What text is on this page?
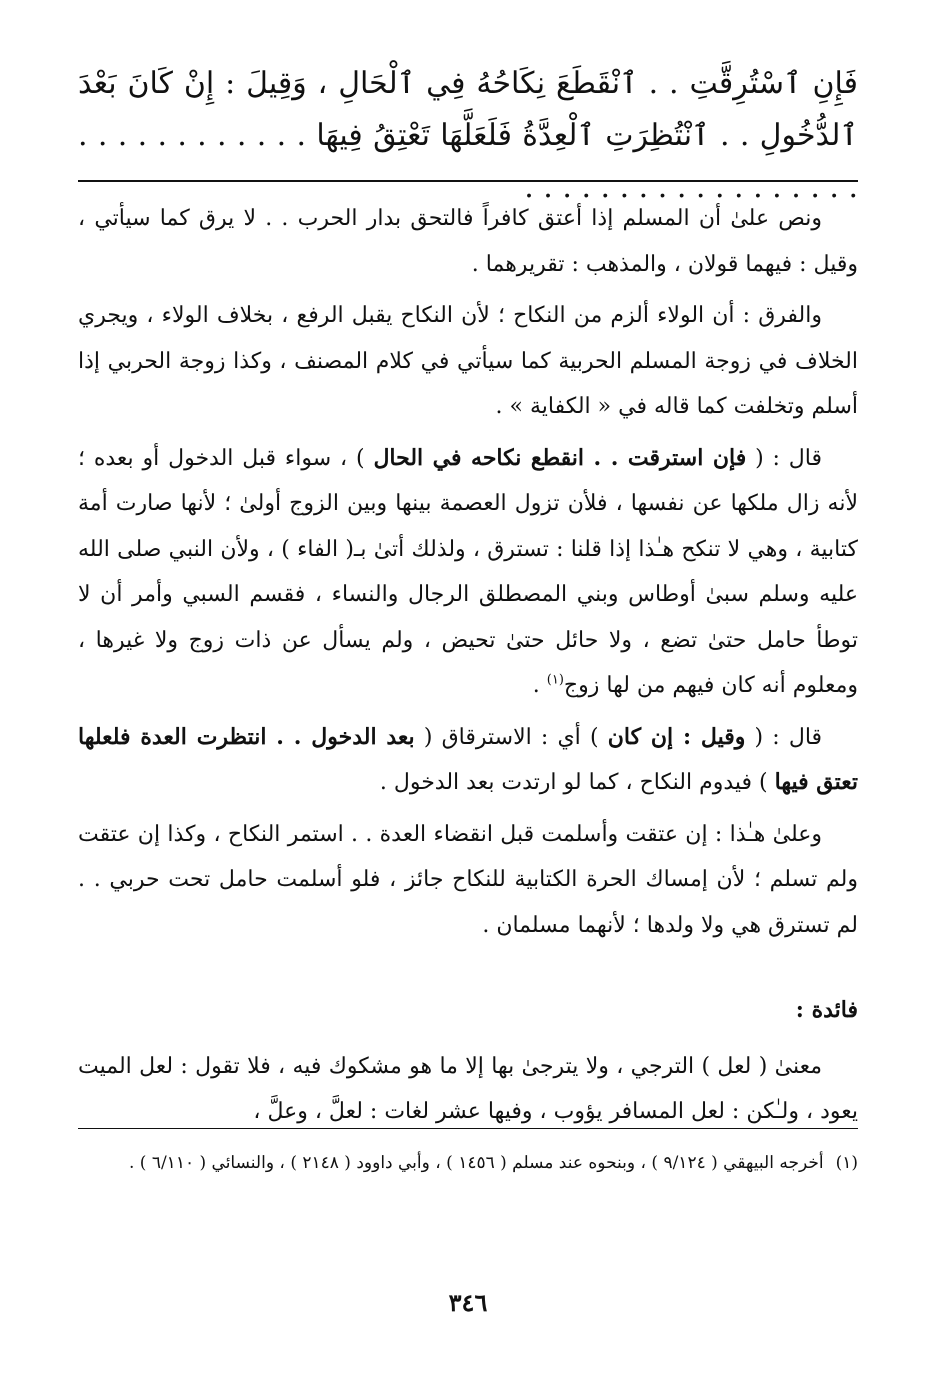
فَإِنِ ٱسْتُرِقَّتِ . . ٱنْقَطَعَ نِكَاحُهُ فِي ٱلْحَالِ ، وَقِيلَ : إِنْ كَانَ بَعْدَ ٱلدُّخُولِ . . ٱنْتُظِرَتِ ٱلْعِدَّةُ فَلَعَلَّهَا تَعْتِقُ فِيهَا . . . . . . . . . . . . . . . . . . . . . . . . . . . . . .

ونص علىٰ أن المسلم إذا أعتق كافراً فالتحق بدار الحرب . . لا يرق كما سيأتي ، وقيل : فيهما قولان ، والمذهب : تقريرهما .

والفرق : أن الولاء ألزم من النكاح ؛ لأن النكاح يقبل الرفع ، بخلاف الولاء ، ويجري الخلاف في زوجة المسلم الحربية كما سيأتي في كلام المصنف ، وكذا زوجة الحربي إذا أسلم وتخلفت كما قاله في « الكفاية » .

قال : ( فإن استرقت . . انقطع نكاحه في الحال ) ، سواء قبل الدخول أو بعده ؛ لأنه زال ملكها عن نفسها ، فلأن تزول العصمة بينها وبين الزوج أولىٰ ؛ لأنها صارت أمة كتابية ، وهي لا تنكح هـٰذا إذا قلنا : تسترق ، ولذلك أتىٰ بـ( الفاء ) ، ولأن النبي صلى الله عليه وسلم سبىٰ أوطاس وبني المصطلق الرجال والنساء ، فقسم السبي وأمر أن لا توطأ حامل حتىٰ تضع ، ولا حائل حتىٰ تحيض ، ولم يسأل عن ذات زوج ولا غيرها ، ومعلوم أنه كان فيهم من لها زوج$^{(١)}$ .

قال : ( وقيل : إن كان ) أي : الاسترقاق ( بعد الدخول . . انتظرت العدة فلعلها تعتق فيها ) فيدوم النكاح ، كما لو ارتدت بعد الدخول .

وعلىٰ هـٰذا : إن عتقت وأسلمت قبل انقضاء العدة . . استمر النكاح ، وكذا إن عتقت ولم تسلم ؛ لأن إمساك الحرة الكتابية للنكاح جائز ، فلو أسلمت حامل تحت حربي . . لم تسترق هي ولا ولدها ؛ لأنهما مسلمان .

فائدة :

معنىٰ ( لعل ) الترجي ، ولا يترجىٰ بها إلا ما هو مشكوك فيه ، فلا تقول : لعل الميت يعود ، ولـٰكن : لعل المسافر يؤوب ، وفيها عشر لغات : لعلَّ ، وعلَّ ،

(١)أخرجه البيهقي ( ٩/١٢٤ ) ، وبنحوه عند مسلم ( ١٤٥٦ ) ، وأبي داوود ( ٢١٤٨ ) ، والنسائي ( ٦/١١٠ ) .
٣٤٦
